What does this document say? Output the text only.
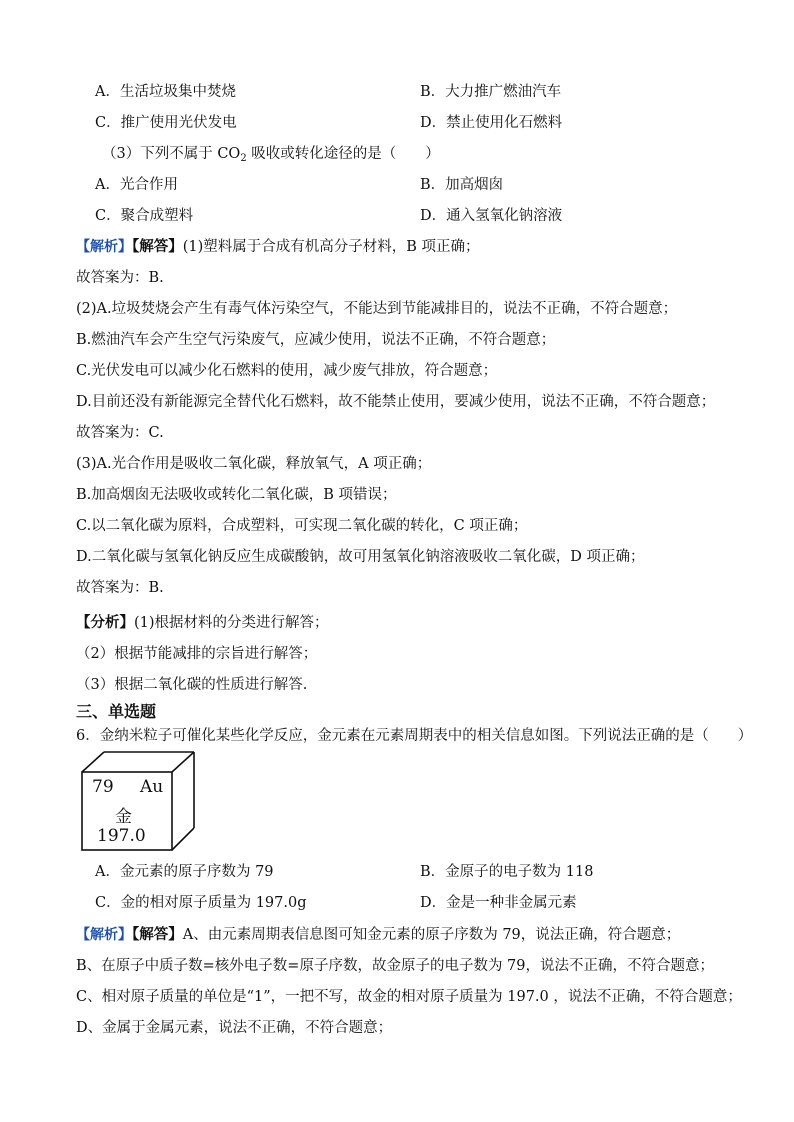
A．生活垃圾集中焚烧	B．大力推广燃油汽车
C．推广使用光伏发电	D．禁止使用化石燃料
（3）下列不属于 $CO_2$ 吸收或转化途径的是（　　）
A．光合作用	B．加高烟囱
C．聚合成塑料	D．通入氢氧化钠溶液
【解析】【解答】(1)塑料属于合成有机高分子材料，B 项正确；
故答案为：B.
(2)A.垃圾焚烧会产生有毒气体污染空气，不能达到节能减排目的，说法不正确，不符合题意；
B.燃油汽车会产生空气污染废气，应减少使用，说法不正确，不符合题意；
C.光伏发电可以减少化石燃料的使用，减少废气排放，符合题意；
D.目前还没有新能源完全替代化石燃料，故不能禁止使用，要减少使用，说法不正确，不符合题意；
故答案为：C.
(3)A.光合作用是吸收二氧化碳，释放氧气，A 项正确；
B.加高烟囱无法吸收或转化二氧化碳，B 项错误；
C.以二氧化碳为原料，合成塑料，可实现二氧化碳的转化，C 项正确；
D.二氧化碳与氢氧化钠反应生成碳酸钠，故可用氢氧化钠溶液吸收二氧化碳，D 项正确；
故答案为：B.
【分析】(1)根据材料的分类进行解答；
（2）根据节能减排的宗旨进行解答；
（3）根据二氧化碳的性质进行解答.
三、单选题
6．金纳米粒子可催化某些化学反应，金元素在元素周期表中的相关信息如图。下列说法正确的是（　　）
79 Au
金
197.0
A．金元素的原子序数为 79	B．金原子的电子数为 118
C．金的相对原子质量为 197.0g	D．金是一种非金属元素
【解析】【解答】A、由元素周期表信息图可知金元素的原子序数为 79，说法正确，符合题意；
B、在原子中质子数=核外电子数=原子序数，故金原子的电子数为 79，说法不正确，不符合题意；
C、相对原子质量的单位是“1”，一把不写，故金的相对原子质量为 197.0 ，说法不正确，不符合题意；
D、金属于金属元素，说法不正确，不符合题意；
